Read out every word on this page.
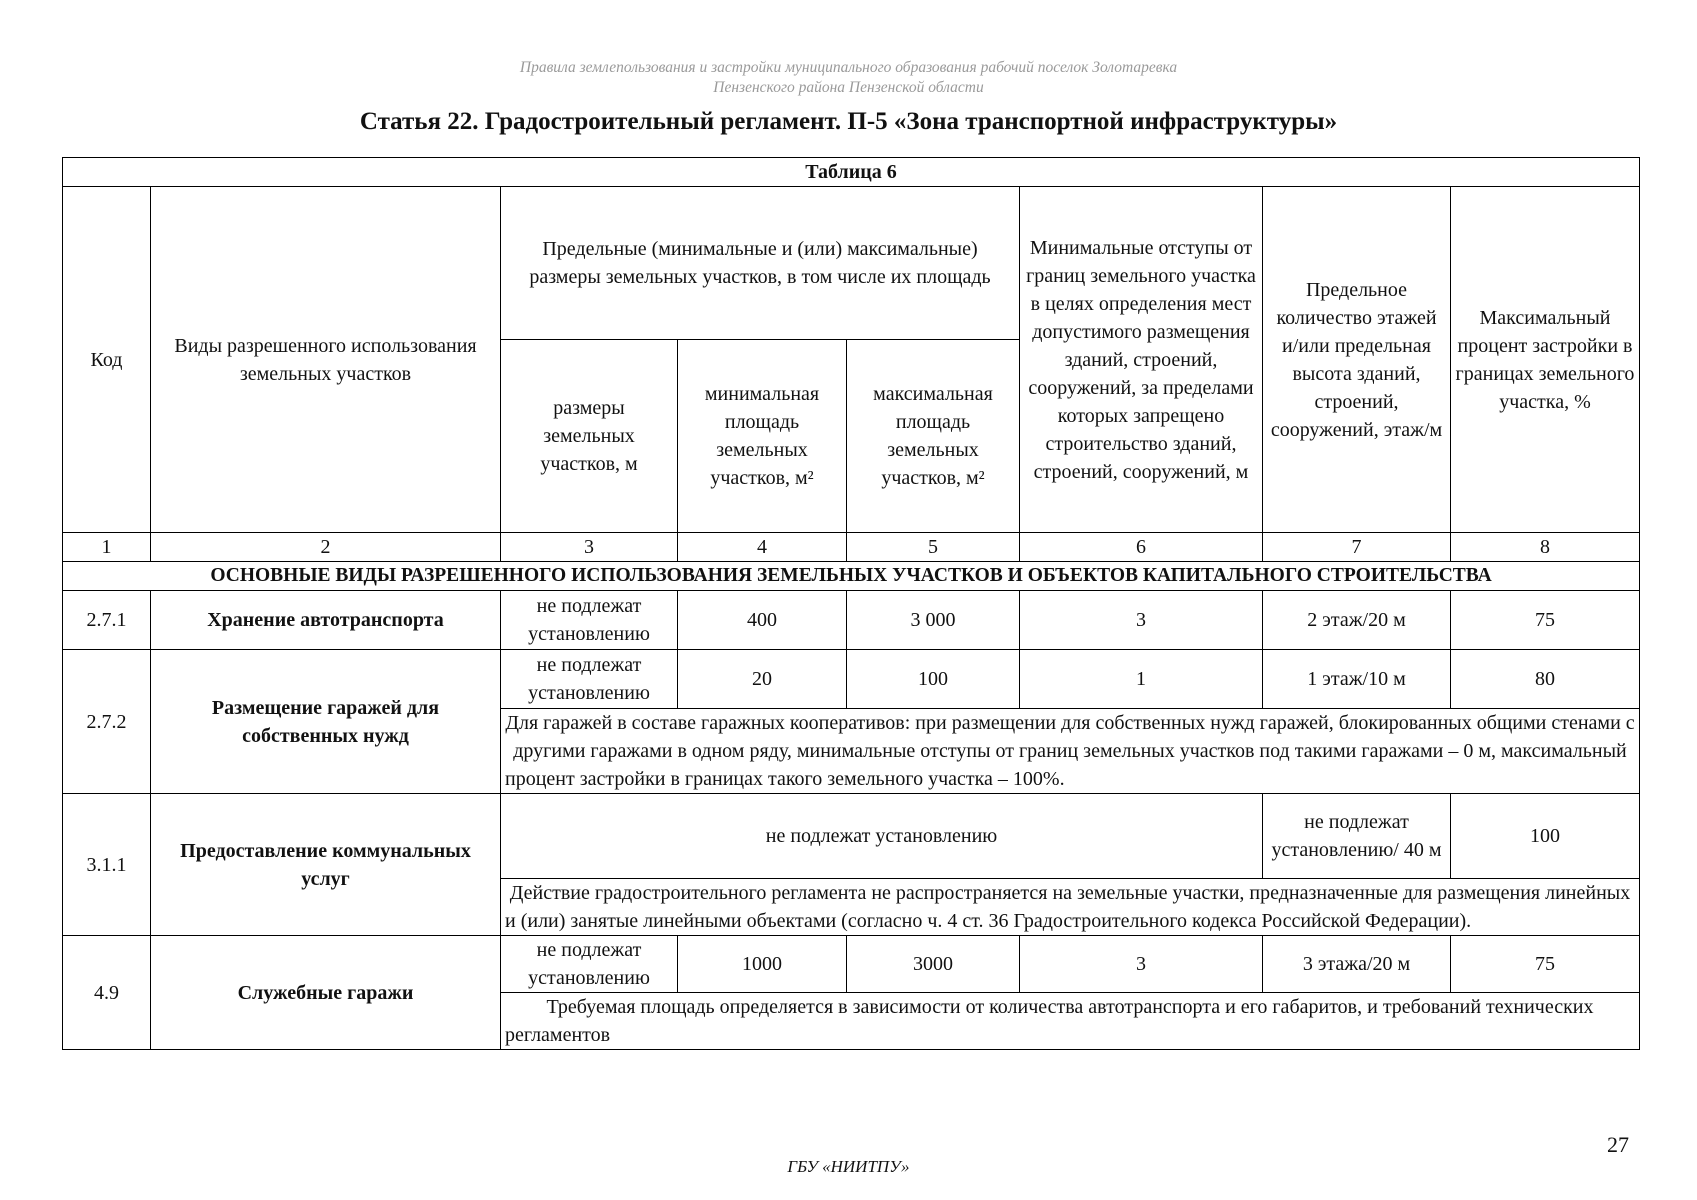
Правила землепользования и застройки муниципального образования рабочий поселок Золотаревка
Пензенского района Пензенской области
Статья 22. Градостроительный регламент. П-5 «Зона транспортной инфраструктуры»
Таблица 6							
Код	Виды разрешенного использования земельных участков	Предельные (минимальные и (или) максимальные) размеры земельных участков, в том числе их площадь			Минимальные отступы от границ земельного участка в целях определения мест допустимого размещения зданий, строений, сооружений, за пределами которых запрещено строительство зданий, строений, сооружений, м	Предельное количество этажей и/или предельная высота зданий, строений, сооружений, этаж/м	Максимальный процент застройки в границах земельного участка, %
		размеры земельных участков, м	минимальная площадь земельных участков, м²	максимальная площадь земельных участков, м²			
1	2	3	4	5	6	7	8
ОСНОВНЫЕ ВИДЫ РАЗРЕШЕННОГО ИСПОЛЬЗОВАНИЯ ЗЕМЕЛЬНЫХ УЧАСТКОВ И ОБЪЕКТОВ КАПИТАЛЬНОГО СТРОИТЕЛЬСТВА							
2.7.1	Хранение автотранспорта	не подлежат установлению	400	3 000	3	2 этаж/20 м	75
2.7.2	Размещение гаражей для собственных нужд	не подлежат установлению	20	100	1	1 этаж/10 м	80
		Для гаражей в составе гаражных кооперативов: при размещении для собственных нужд гаражей, блокированных общими стенами с другими гаражами в одном ряду, минимальные отступы от границ земельных участков под такими гаражами – 0 м, максимальный процент застройки в границах такого земельного участка – 100%.					
3.1.1	Предоставление коммунальных услуг	не подлежат установлению				не подлежат установлению/ 40 м	100
		Действие градостроительного регламента не распространяется на земельные участки, предназначенные для размещения линейных и (или) занятые линейными объектами (согласно ч. 4 ст. 36 Градостроительного кодекса Российской Федерации).					
4.9	Служебные гаражи	не подлежат установлению	1000	3000	3	3 этажа/20 м	75
		Требуемая площадь определяется в зависимости от количества автотранспорта и его габаритов, и требований технических регламентов					
27
ГБУ «НИИТПУ»
